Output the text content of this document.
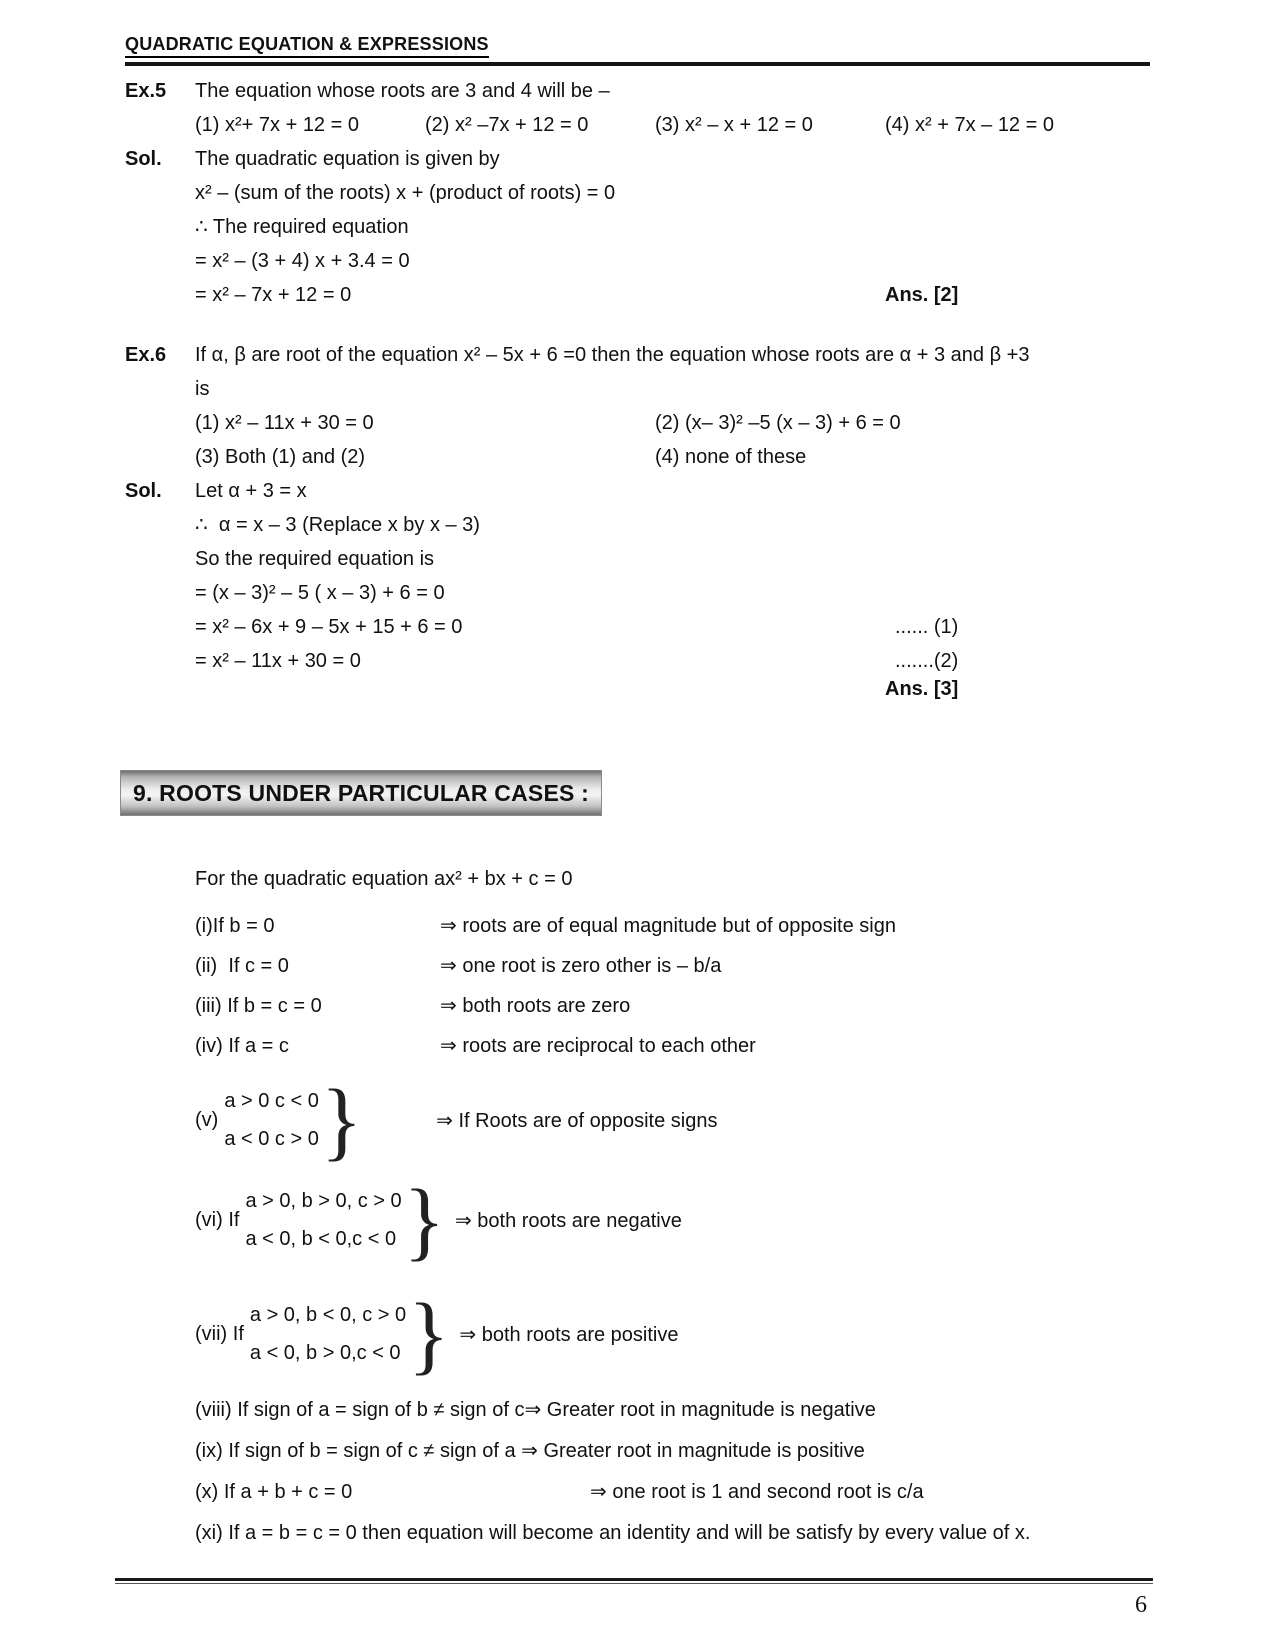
QUADRATIC EQUATION & EXPRESSIONS
Ex.5	The equation whose roots are 3 and 4 will be –
(1) x²+ 7x + 12 = 0	(2) x² –7x + 12 = 0	(3) x² – x + 12 = 0	(4) x² + 7x – 12 = 0
Sol.	The quadratic equation is given by
x² – (sum of the roots) x + (product of roots) = 0
∴ The required equation
= x² – (3 + 4) x + 3.4 = 0
= x² – 7x + 12 = 0	Ans. [2]
Ex.6	If α, β are root of the equation x² – 5x + 6 =0 then the equation whose roots are α + 3 and β +3
is
(1) x² – 11x + 30 = 0	(2) (x– 3)² –5 (x – 3) + 6 = 0
(3) Both (1) and (2)	(4) none of these
Sol.	Let α + 3 = x
∴  α = x – 3 (Replace x by x – 3)
So the required equation is
= (x – 3)² – 5 ( x – 3) + 6 = 0
= x² – 6x + 9 – 5x + 15 + 6 = 0	...... (1)
= x² – 11x + 30 = 0	.......(2)
Ans. [3]
9. ROOTS UNDER PARTICULAR CASES :
For the quadratic equation ax² + bx + c = 0
(i)If b = 0	⇒ roots are of equal magnitude but of opposite sign
(ii)  If c = 0	⇒ one root is zero other is – b/a
(iii) If b = c = 0	⇒ both roots are zero
(iv) If a = c	⇒ roots are reciprocal to each other
(v)
a > 0 c < 0
a < 0 c > 0 }	⇒ If Roots are of opposite signs
(vi) If
a > 0, b > 0, c > 0
a < 0, b < 0,c < 0 } ⇒ both roots are negative
(vii) If
a > 0, b < 0, c > 0
a < 0, b > 0,c < 0 } ⇒ both roots are positive
(viii) If sign of a = sign of b ≠ sign of c⇒ Greater root in magnitude is negative
(ix) If sign of b = sign of c ≠ sign of a ⇒ Greater root in magnitude is positive
(x) If a + b + c = 0	⇒ one root is 1 and second root is c/a
(xi) If a = b = c = 0 then equation will become an identity and will be satisfy by every value of x.
6
